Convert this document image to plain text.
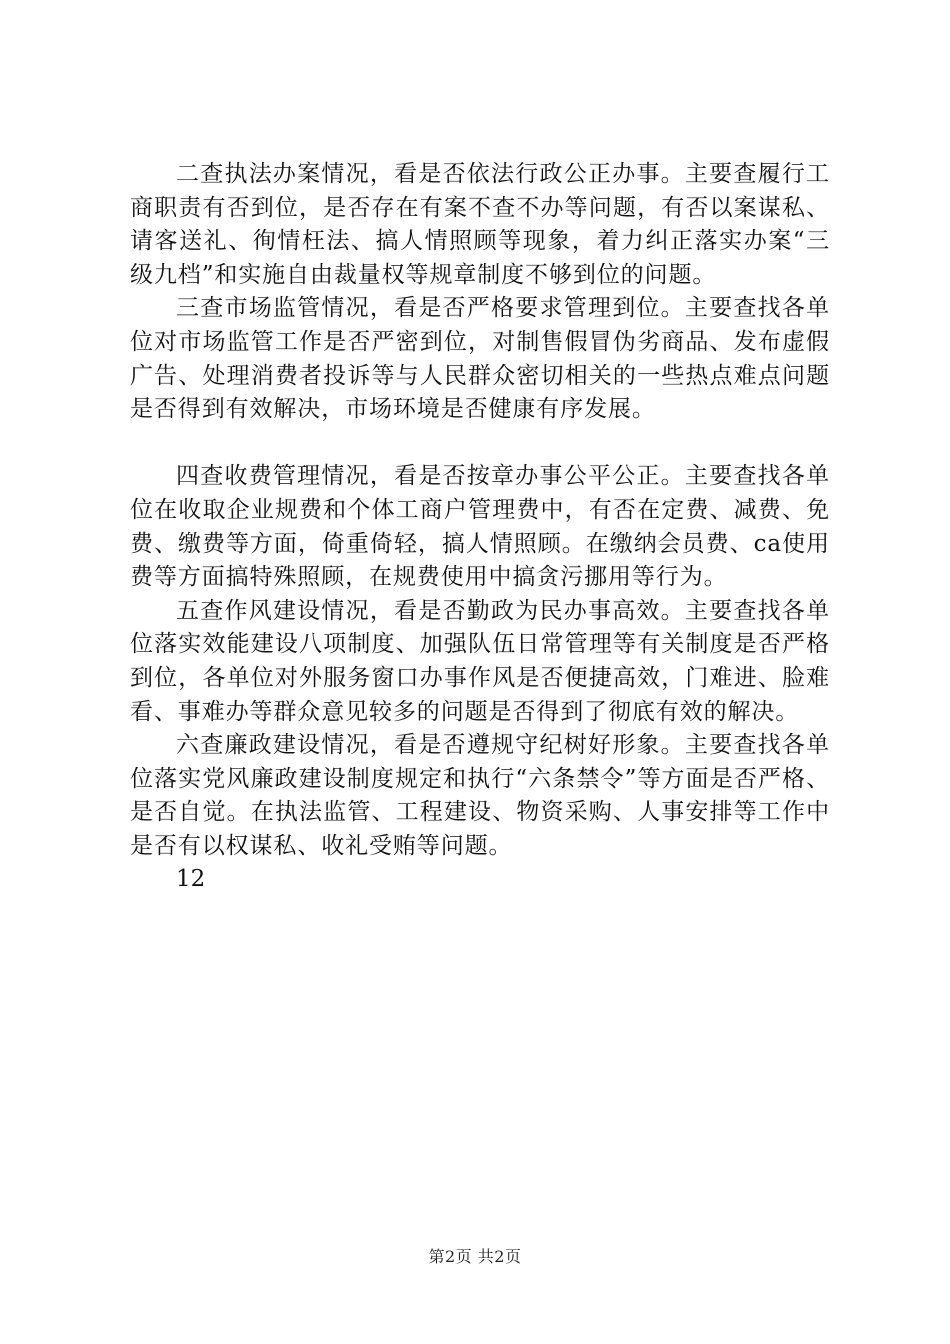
二查执法办案情况，看是否依法行政公正办事。主要查履行工商职责有否到位，是否存在有案不查不办等问题，有否以案谋私、请客送礼、徇情枉法、搞人情照顾等现象，着力纠正落实办案“三级九档”和实施自由裁量权等规章制度不够到位的问题。

三查市场监管情况，看是否严格要求管理到位。主要查找各单位对市场监管工作是否严密到位，对制售假冒伪劣商品、发布虚假广告、处理消费者投诉等与人民群众密切相关的一些热点难点问题是否得到有效解决，市场环境是否健康有序发展。

四查收费管理情况，看是否按章办事公平公正。主要查找各单位在收取企业规费和个体工商户管理费中，有否在定费、减费、免费、缴费等方面，倚重倚轻，搞人情照顾。在缴纳会员费、ca使用费等方面搞特殊照顾，在规费使用中搞贪污挪用等行为。

五查作风建设情况，看是否勤政为民办事高效。主要查找各单位落实效能建设八项制度、加强队伍日常管理等有关制度是否严格到位，各单位对外服务窗口办事作风是否便捷高效，门难进、脸难看、事难办等群众意见较多的问题是否得到了彻底有效的解决。

六查廉政建设情况，看是否遵规守纪树好形象。主要查找各单位落实党风廉政建设制度规定和执行“六条禁令”等方面是否严格、是否自觉。在执法监管、工程建设、物资采购、人事安排等工作中是否有以权谋私、收礼受贿等问题。

12

第2页 共2页
